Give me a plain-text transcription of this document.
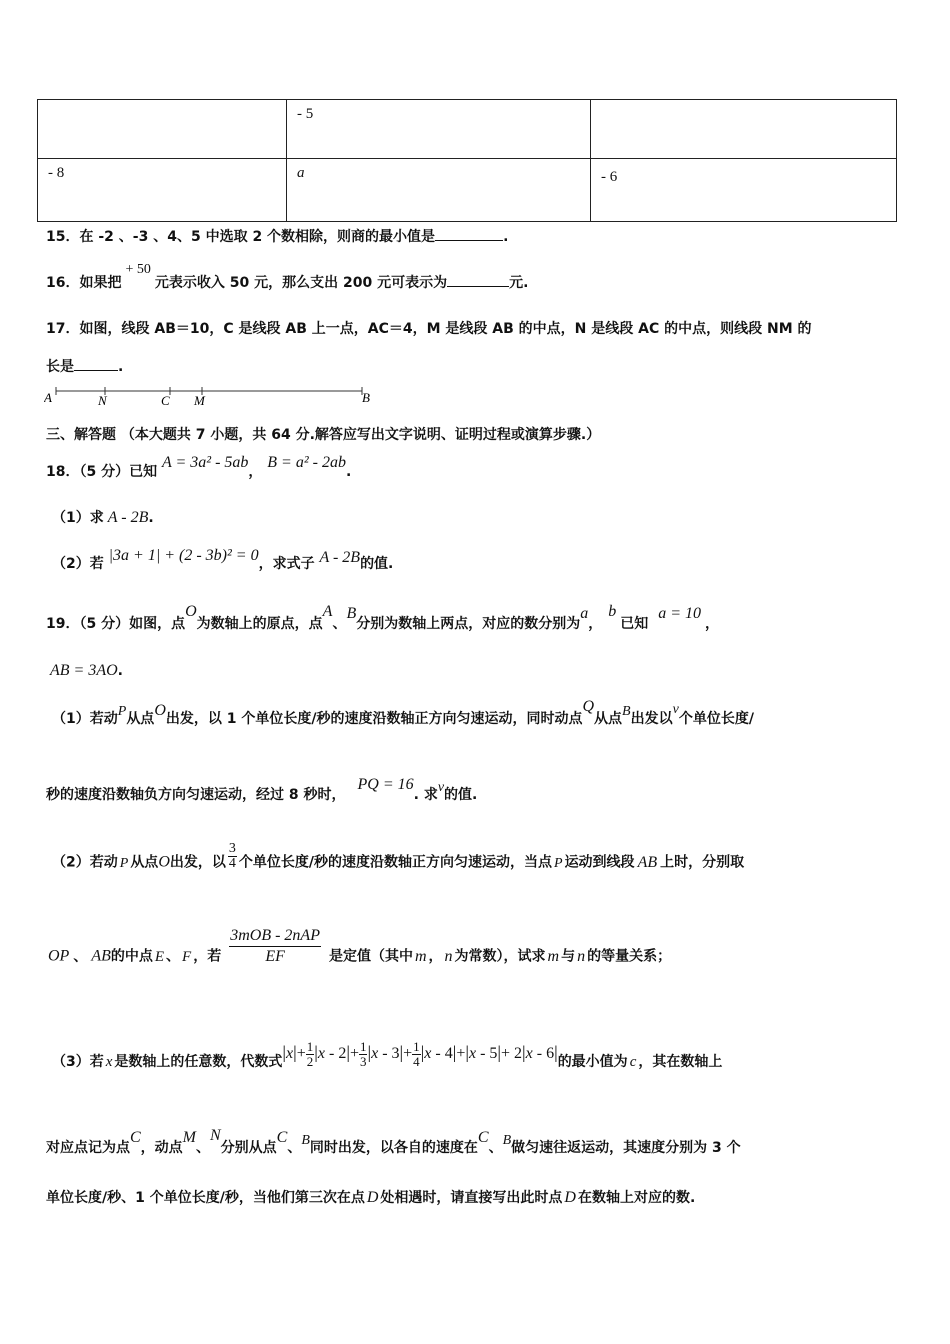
	- 5	
- 8	a	- 6
15．在 -2 、-3 、4、5 中选取 2 个数相除，则商的最小值是	.
16．如果把+ 50元表示收入 50 元，那么支出 200 元可表示为	元.
17．如图，线段 AB＝10，C 是线段 AB 上一点，AC＝4，M 是线段 AB 的中点，N 是线段 AC 的中点，则线段 NM 的
长是	.
A	N	C M	B
三、解答题 （本大题共 7 小题，共 64 分.解答应写出文字说明、证明过程或演算步骤.）
18．（5 分）已知 A = 3a² - 5ab， B = a² - 2ab.
（1）求 A - 2B.
（2）若 |3a + 1| + (2 - 3b)² = 0，求式子 A - 2B的值.
19．（5 分）如图，点O为数轴上的原点，点A、B分别为数轴上两点，对应的数分别为a，b已知a = 10，
AB = 3AO.
（1）若动P从点O出发，以 1 个单位长度/秒的速度沿数轴正方向匀速运动，同时动点Q从点B出发以v个单位长度/
秒的速度沿数轴负方向匀速运动，经过 8 秒时，PQ = 16. 求v的值.
（2）若动 P 从点O出发，以 $\frac{3}{4}$ 个单位长度/秒的速度沿数轴正方向匀速运动，当点 P 运动到线段 AB 上时，分别取
OP 、 AB的中点 E 、 F ，若 $\frac{\text{3mOB - 2nAP}}{EF}$ 是定值（其中 m ， n 为常数），试求 m 与 n 的等量关系；
（3）若 x 是数轴上的任意数，代数式$|x|+ \frac{1}{2} |x - 2|+ \frac{1}{3} |x - 3|+ \frac{1}{4} |x - 4|+|x - 5|+ 2|x - 6|$的最小值为 c ，其在数轴上
对应点记为点C，动点M、N分别从点C、B同时出发，以各自的速度在C、B做匀速往返运动，其速度分别为 3 个
单位长度/秒、1 个单位长度/秒，当他们第三次在点 D 处相遇时，请直接写出此时点 D 在数轴上对应的数.
